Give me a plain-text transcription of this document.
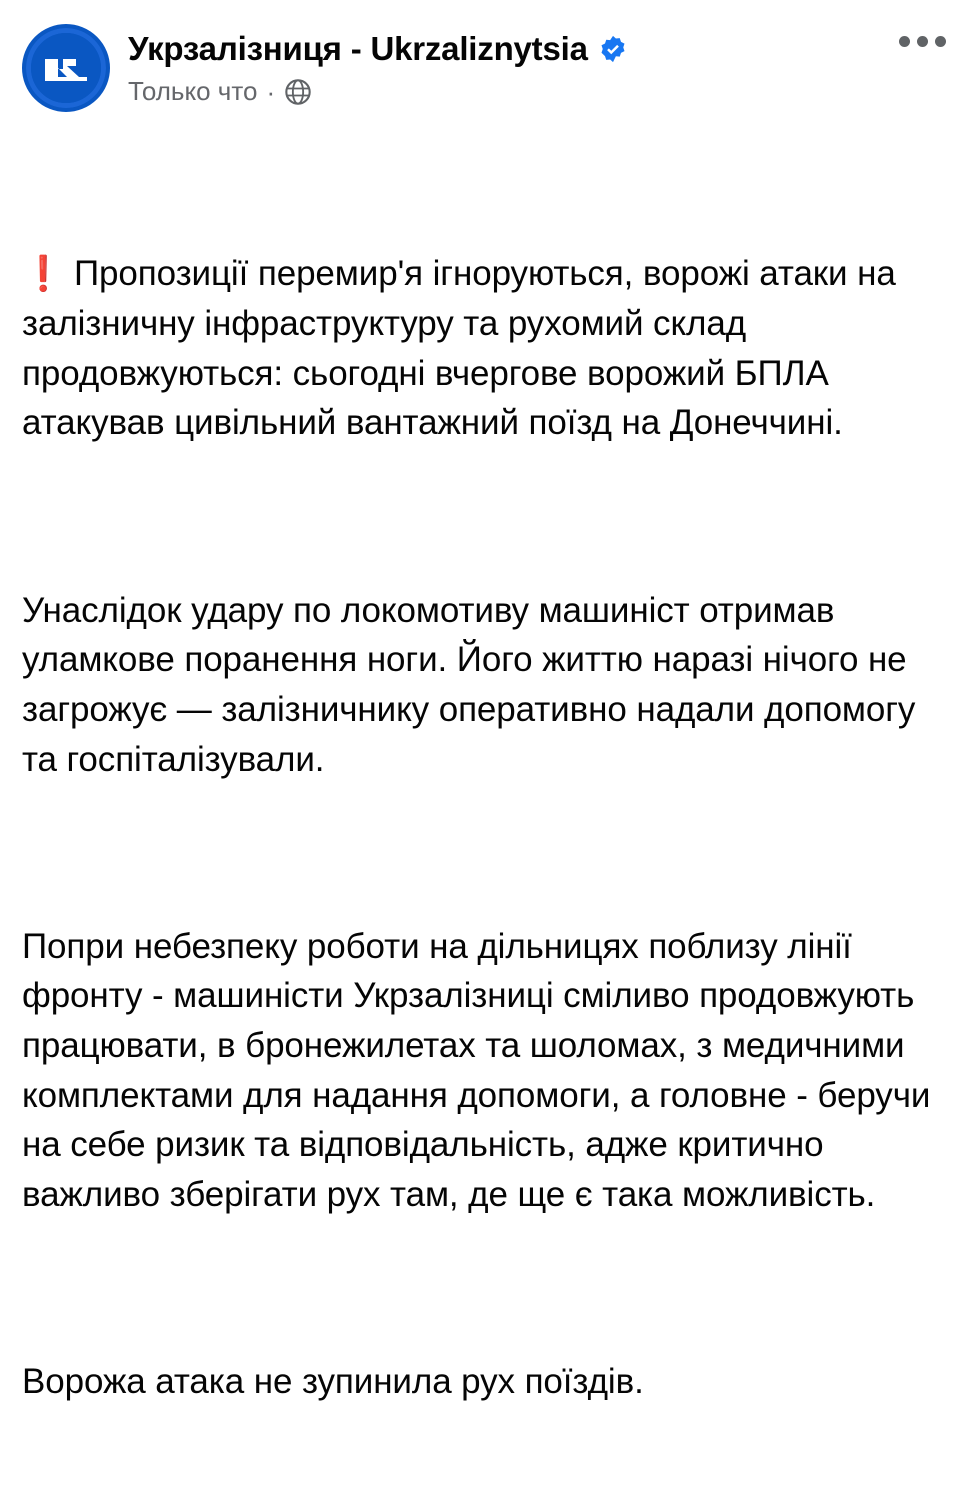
Укрзалізниця - Ukrzaliznytsia
Только что ·

❗ Пропозиції перемир'я ігноруються, ворожі атаки на залізничну інфраструктуру та рухомий склад продовжуються: сьогодні вчергове ворожий БПЛА атакував цивільний вантажний поїзд на Донеччині.

Унаслідок удару по локомотиву машиніст отримав уламкове поранення ноги. Його життю наразі нічого не загрожує — залізничнику оперативно надали допомогу та госпіталізували.

Попри небезпеку роботи на дільницях поблизу лінії фронту - машиністи Укрзалізниці сміливо продовжують працювати, в бронежилетах та шоломах, з медичними комплектами для надання допомоги, а головне - беручи на себе ризик та відповідальність, адже критично важливо зберігати рух там, де ще є така можливість.

Ворожа атака не зупинила рух поїздів.
